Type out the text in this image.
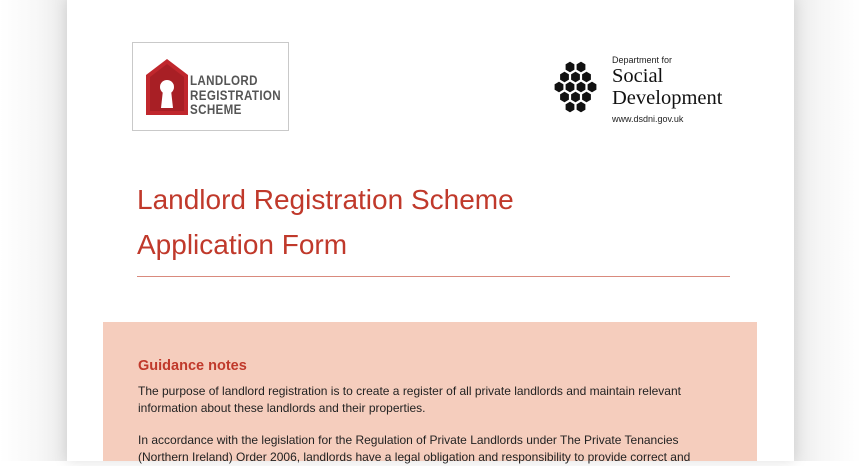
LANDLORD
REGISTRATION
SCHEME
Department for
Social
Development
www.dsdni.gov.uk
Landlord Registration Scheme
Application Form
Guidance notes
The purpose of landlord registration is to create a register of all private landlords and maintain relevant information about these landlords and their properties.
In accordance with the legislation for the Regulation of Private Landlords under The Private Tenancies (Northern Ireland) Order 2006, landlords have a legal obligation and responsibility to provide correct and
